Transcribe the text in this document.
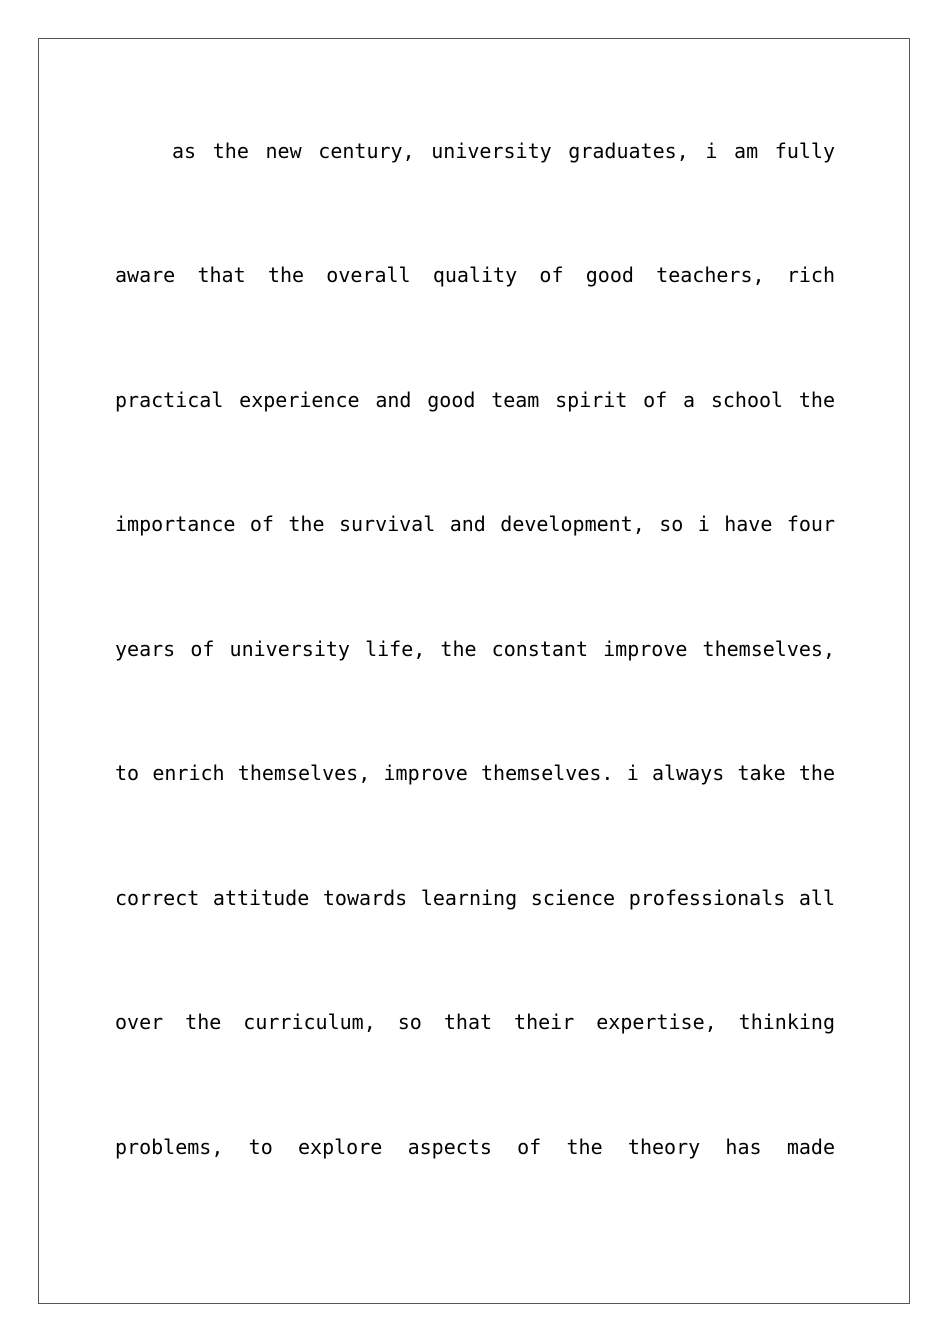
as the new century, university graduates, i am fully
aware that the overall quality of good teachers, rich
practical experience and good team spirit of a school the
importance of the survival and development, so i have four
years of university life, the constant improve themselves,
to enrich themselves, improve themselves. i always take the
correct attitude towards learning science professionals all
over the curriculum, so that their expertise, thinking
problems, to explore aspects of the theory has made
